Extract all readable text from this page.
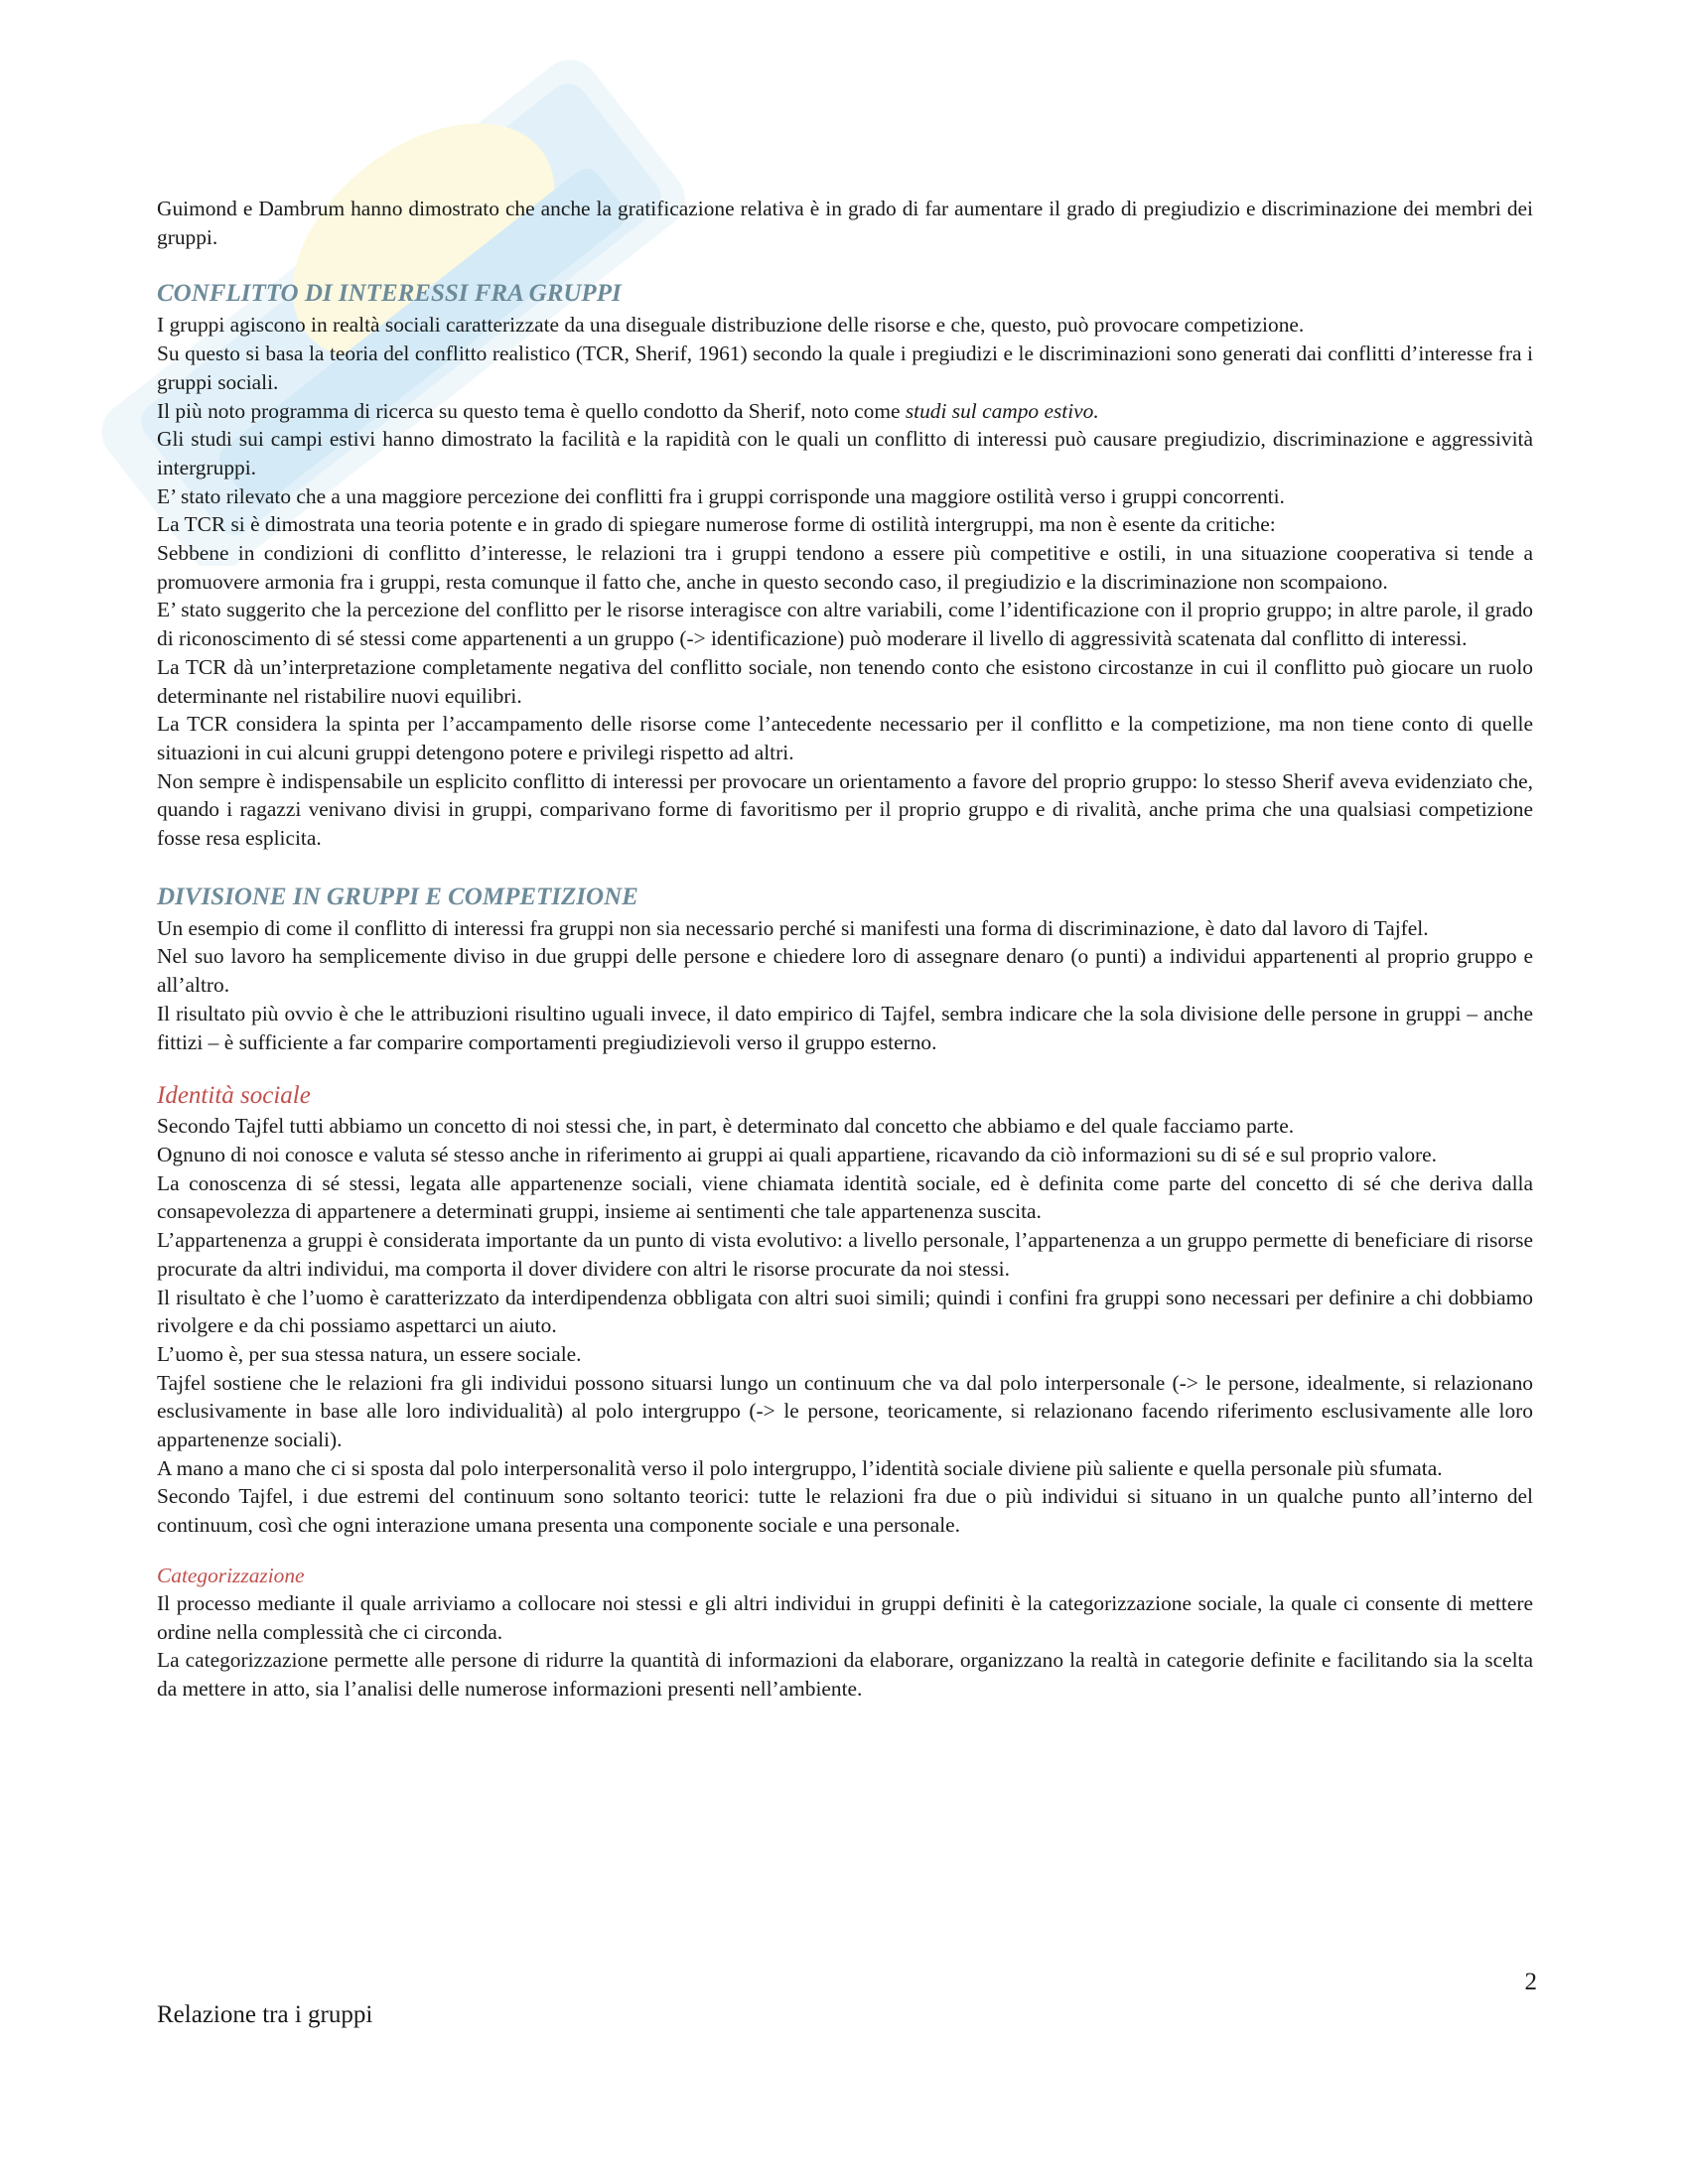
Guimond e Dambrum hanno dimostrato che anche la gratificazione relativa è in grado di far aumentare il grado di pregiudizio e discriminazione dei membri dei gruppi.

CONFLITTO DI INTERESSI FRA GRUPPI

I gruppi agiscono in realtà sociali caratterizzate da una diseguale distribuzione delle risorse e che, questo, può provocare competizione.

Su questo si basa la teoria del conflitto realistico (TCR, Sherif, 1961) secondo la quale i pregiudizi e le discriminazioni sono generati dai conflitti d’interesse fra i gruppi sociali.

Il più noto programma di ricerca su questo tema è quello condotto da Sherif, noto come studi sul campo estivo.

Gli studi sui campi estivi hanno dimostrato la facilità e la rapidità con le quali un conflitto di interessi può causare pregiudizio, discriminazione e aggressività intergruppi.

E’ stato rilevato che a una maggiore percezione dei conflitti fra i gruppi corrisponde una maggiore ostilità verso i gruppi concorrenti.

La TCR si è dimostrata una teoria potente e in grado di spiegare numerose forme di ostilità intergruppi, ma non è esente da critiche:

Sebbene in condizioni di conflitto d’interesse, le relazioni tra i gruppi tendono a essere più competitive e ostili, in una situazione cooperativa si tende a promuovere armonia fra i gruppi, resta comunque il fatto che, anche in questo secondo caso, il pregiudizio e la discriminazione non scompaiono.

E’ stato suggerito che la percezione del conflitto per le risorse interagisce con altre variabili, come l’identificazione con il proprio gruppo; in altre parole, il grado di riconoscimento di sé stessi come appartenenti a un gruppo (-> identificazione) può moderare il livello di aggressività scatenata dal conflitto di interessi.

La TCR dà un’interpretazione completamente negativa del conflitto sociale, non tenendo conto che esistono circostanze in cui il conflitto può giocare un ruolo determinante nel ristabilire nuovi equilibri.

La TCR considera la spinta per l’accampamento delle risorse come l’antecedente necessario per il conflitto e la competizione, ma non tiene conto di quelle situazioni in cui alcuni gruppi detengono potere e privilegi rispetto ad altri.

Non sempre è indispensabile un esplicito conflitto di interessi per provocare un orientamento a favore del proprio gruppo: lo stesso Sherif aveva evidenziato che, quando i ragazzi venivano divisi in gruppi, comparivano forme di favoritismo per il proprio gruppo e di rivalità, anche prima che una qualsiasi competizione fosse resa esplicita.

DIVISIONE IN GRUPPI E COMPETIZIONE

Un esempio di come il conflitto di interessi fra gruppi non sia necessario perché si manifesti una forma di discriminazione, è dato dal lavoro di Tajfel.

Nel suo lavoro ha semplicemente diviso in due gruppi delle persone e chiedere loro di assegnare denaro (o punti) a individui appartenenti al proprio gruppo e all’altro.

Il risultato più ovvio è che le attribuzioni risultino uguali invece, il dato empirico di Tajfel, sembra indicare che la sola divisione delle persone in gruppi – anche fittizi – è sufficiente a far comparire comportamenti pregiudizievoli verso il gruppo esterno.

Identità sociale

Secondo Tajfel tutti abbiamo un concetto di noi stessi che, in part, è determinato dal concetto che abbiamo e del quale facciamo parte.

Ognuno di noi conosce e valuta sé stesso anche in riferimento ai gruppi ai quali appartiene, ricavando da ciò informazioni su di sé e sul proprio valore.

La conoscenza di sé stessi, legata alle appartenenze sociali, viene chiamata identità sociale, ed è definita come parte del concetto di sé che deriva dalla consapevolezza di appartenere a determinati gruppi, insieme ai sentimenti che tale appartenenza suscita.

L’appartenenza a gruppi è considerata importante da un punto di vista evolutivo: a livello personale, l’appartenenza a un gruppo permette di beneficiare di risorse procurate da altri individui, ma comporta il dover dividere con altri le risorse procurate da noi stessi.

Il risultato è che l’uomo è caratterizzato da interdipendenza obbligata con altri suoi simili; quindi i confini fra gruppi sono necessari per definire a chi dobbiamo rivolgere e da chi possiamo aspettarci un aiuto.

L’uomo è, per sua stessa natura, un essere sociale.

Tajfel sostiene che le relazioni fra gli individui possono situarsi lungo un continuum che va dal polo interpersonale (-> le persone, idealmente, si relazionano esclusivamente in base alle loro individualità) al polo intergruppo (-> le persone, teoricamente, si relazionano facendo riferimento esclusivamente alle loro appartenenze sociali).

A mano a mano che ci si sposta dal polo interpersonalità verso il polo intergruppo, l’identità sociale diviene più saliente e quella personale più sfumata.

Secondo Tajfel, i due estremi del continuum sono soltanto teorici: tutte le relazioni fra due o più individui si situano in un qualche punto all’interno del continuum, così che ogni interazione umana presenta una componente sociale e una personale.

Categorizzazione

Il processo mediante il quale arriviamo a collocare noi stessi e gli altri individui in gruppi definiti è la categorizzazione sociale, la quale ci consente di mettere ordine nella complessità che ci circonda.

La categorizzazione permette alle persone di ridurre la quantità di informazioni da elaborare, organizzano la realtà in categorie definite e facilitando sia la scelta da mettere in atto, sia l’analisi delle numerose informazioni presenti nell’ambiente.

2
Relazione tra i gruppi
